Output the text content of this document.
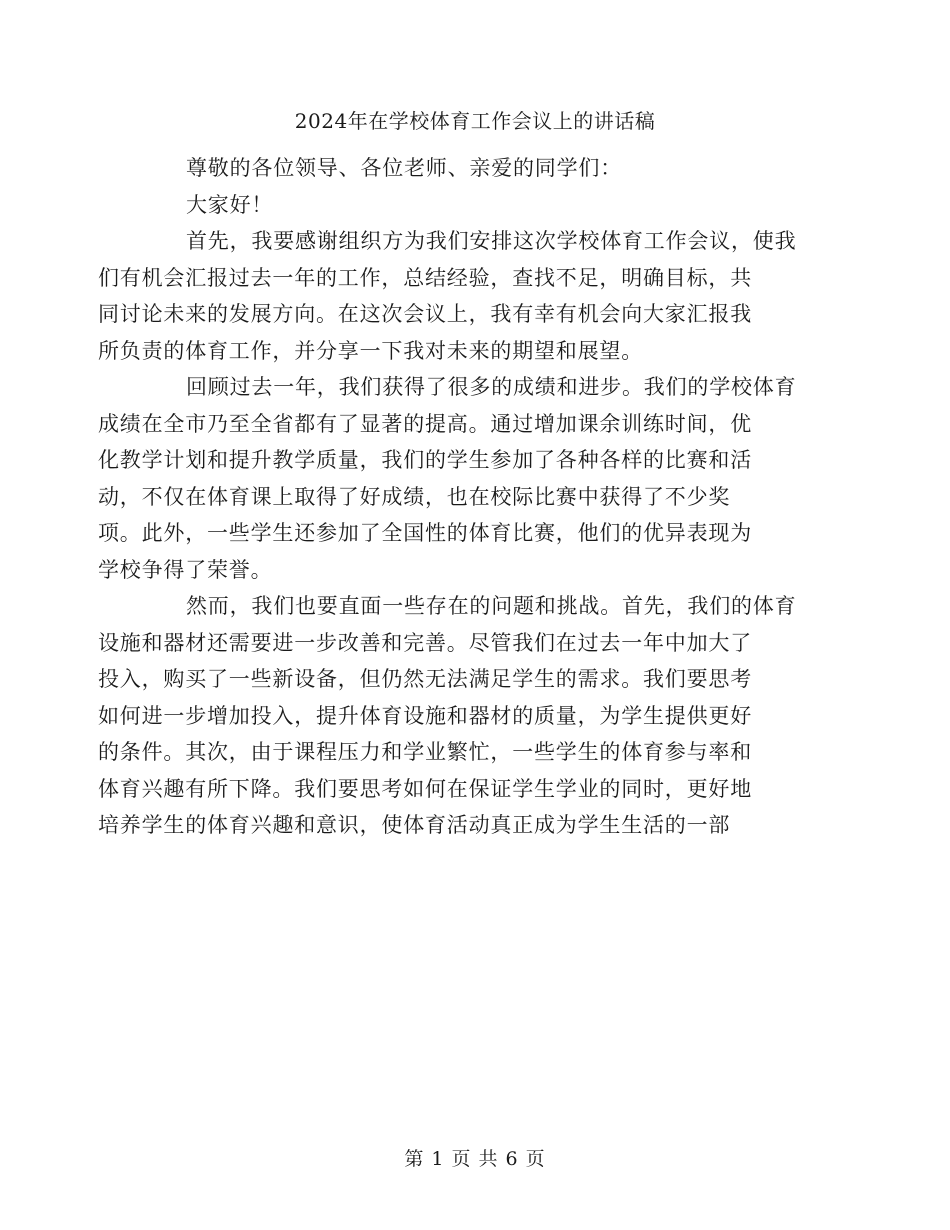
2024年在学校体育工作会议上的讲话稿

尊敬的各位领导、各位老师、亲爱的同学们：

大家好！

首先，我要感谢组织方为我们安排这次学校体育工作会议，使我
们有机会汇报过去一年的工作，总结经验，查找不足，明确目标，共
同讨论未来的发展方向。在这次会议上，我有幸有机会向大家汇报我
所负责的体育工作，并分享一下我对未来的期望和展望。

回顾过去一年，我们获得了很多的成绩和进步。我们的学校体育
成绩在全市乃至全省都有了显著的提高。通过增加课余训练时间，优
化教学计划和提升教学质量，我们的学生参加了各种各样的比赛和活
动，不仅在体育课上取得了好成绩，也在校际比赛中获得了不少奖
项。此外，一些学生还参加了全国性的体育比赛，他们的优异表现为
学校争得了荣誉。

然而，我们也要直面一些存在的问题和挑战。首先，我们的体育
设施和器材还需要进一步改善和完善。尽管我们在过去一年中加大了
投入，购买了一些新设备，但仍然无法满足学生的需求。我们要思考
如何进一步增加投入，提升体育设施和器材的质量，为学生提供更好
的条件。其次，由于课程压力和学业繁忙，一些学生的体育参与率和
体育兴趣有所下降。我们要思考如何在保证学生学业的同时，更好地
培养学生的体育兴趣和意识，使体育活动真正成为学生生活的一部

第 1 页 共 6 页
